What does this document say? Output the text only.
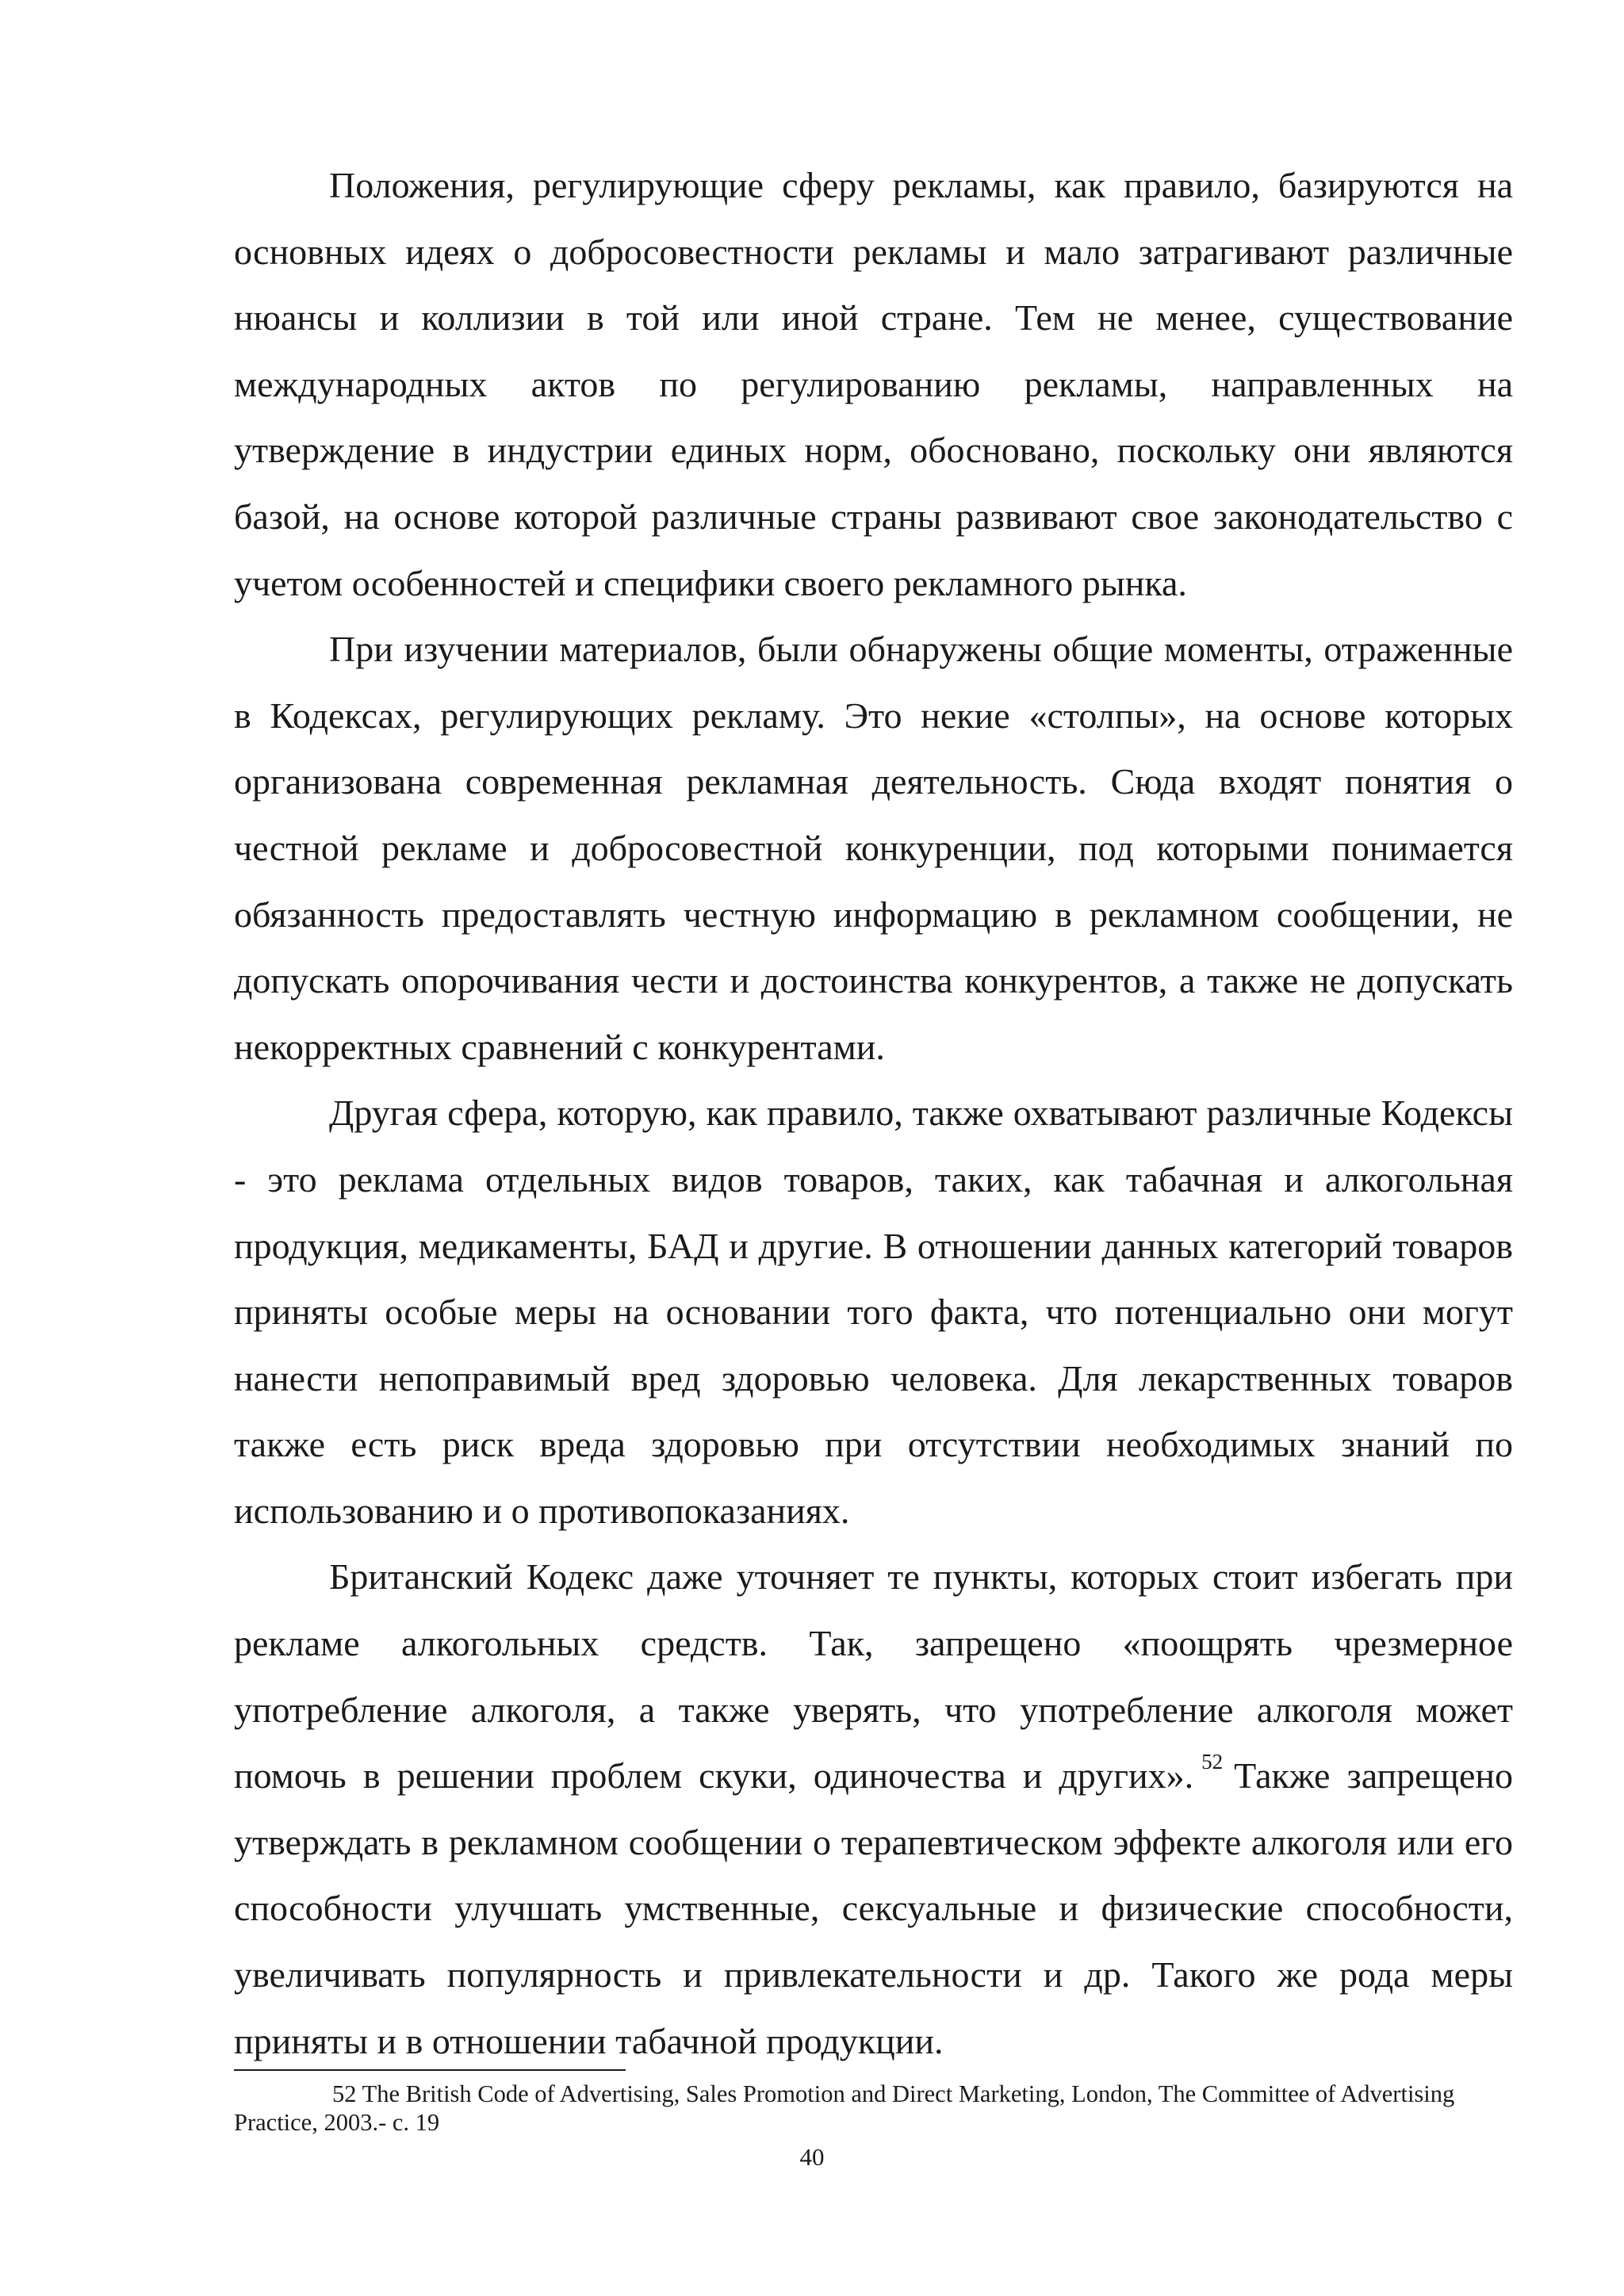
Положения, регулирующие сферу рекламы, как правило, базируются на основных идеях о добросовестности рекламы и мало затрагивают различные нюансы и коллизии в той или иной стране. Тем не менее, существование международных актов по регулированию рекламы, направленных на утверждение в индустрии единых норм, обосновано, поскольку они являются базой, на основе которой различные страны развивают свое законодательство с учетом особенностей и специфики своего рекламного рынка.

При изучении материалов, были обнаружены общие моменты, отраженные в Кодексах, регулирующих рекламу. Это некие «столпы», на основе которых организована современная рекламная деятельность. Сюда входят понятия о честной рекламе и добросовестной конкуренции, под которыми понимается обязанность предоставлять честную информацию в рекламном сообщении, не допускать опорочивания чести и достоинства конкурентов, а также не допускать некорректных сравнений с конкурентами.

Другая сфера, которую, как правило, также охватывают различные Кодексы - это реклама отдельных видов товаров, таких, как табачная и алкогольная продукция, медикаменты, БАД и другие. В отношении данных категорий товаров приняты особые меры на основании того факта, что потенциально они могут нанести непоправимый вред здоровью человека. Для лекарственных товаров также есть риск вреда здоровью при отсутствии необходимых знаний по использованию и о противопоказаниях.

Британский Кодекс даже уточняет те пункты, которых стоит избегать при рекламе алкогольных средств. Так, запрещено «поощрять чрезмерное употребление алкоголя, а также уверять, что употребление алкоголя может помочь в решении проблем скуки, одиночества и других». $^{52}$ Также запрещено утверждать в рекламном сообщении о терапевтическом эффекте алкоголя или его способности улучшать умственные, сексуальные и физические способности, увеличивать популярность и привлекательности и др. Такого же рода меры приняты и в отношении табачной продукции.

52 The British Code of Advertising, Sales Promotion and Direct Marketing, London, The Committee of Advertising Practice, 2003.- с. 19

40
